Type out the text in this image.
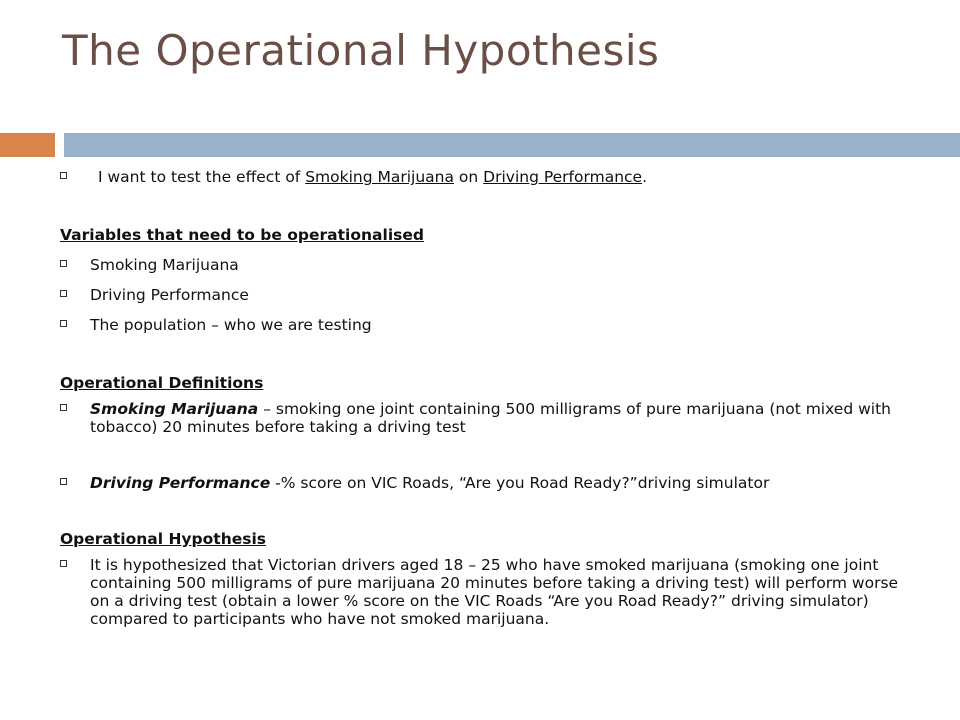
The Operational Hypothesis

I want to test the effect of Smoking Marijuana on Driving Performance.

Variables that need to be operationalised

Smoking Marijuana

Driving Performance

The population – who we are testing

Operational Definitions

Smoking Marijuana – smoking one joint containing 500 milligrams of pure marijuana (not mixed with tobacco) 20 minutes before taking a driving test

Driving Performance -% score on VIC Roads, “Are you Road Ready?”driving simulator

Operational Hypothesis

It is hypothesized that Victorian drivers aged 18 – 25 who have smoked marijuana (smoking one joint containing 500 milligrams of pure marijuana 20 minutes before taking a driving test) will perform worse on a driving test (obtain a lower % score on the VIC Roads “Are you Road Ready?” driving simulator) compared to participants who have not smoked marijuana.
